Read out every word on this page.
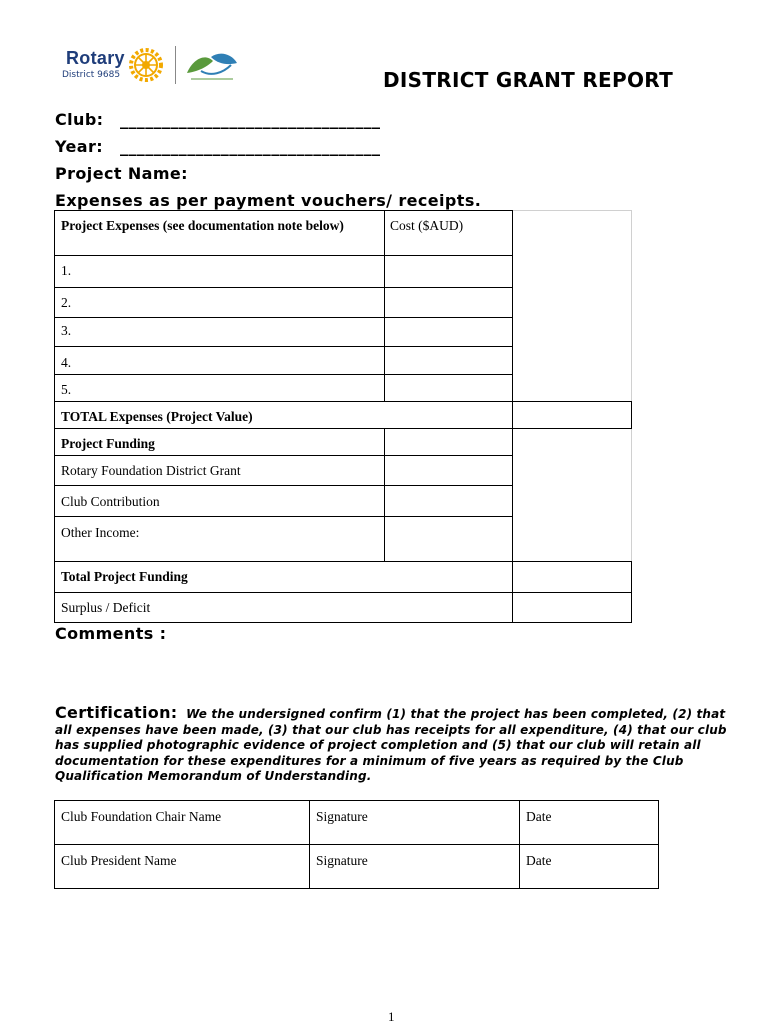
Rotary
District 9685	DISTRICT GRANT REPORT
Club: _______________________________
Year: _______________________________
Project Name:
Expenses as per payment vouchers/ receipts.
Project Expenses (see documentation note below)	Cost ($AUD)
1.
2.
3.
4.
5.
TOTAL Expenses (Project Value)
Project Funding
Rotary Foundation District Grant
Club Contribution
Other Income:
Total Project Funding
Surplus / Deficit
Comments :
Certification: We the undersigned confirm (1) that the project has been completed, (2) that all expenses have been made, (3) that our club has receipts for all expenditure, (4) that our club has supplied photographic evidence of project completion and (5) that our club will retain all documentation for these expenditures for a minimum of five years as required by the Club Qualification Memorandum of Understanding.
Club Foundation Chair Name	Signature	Date
Club President Name	Signature	Date
1
